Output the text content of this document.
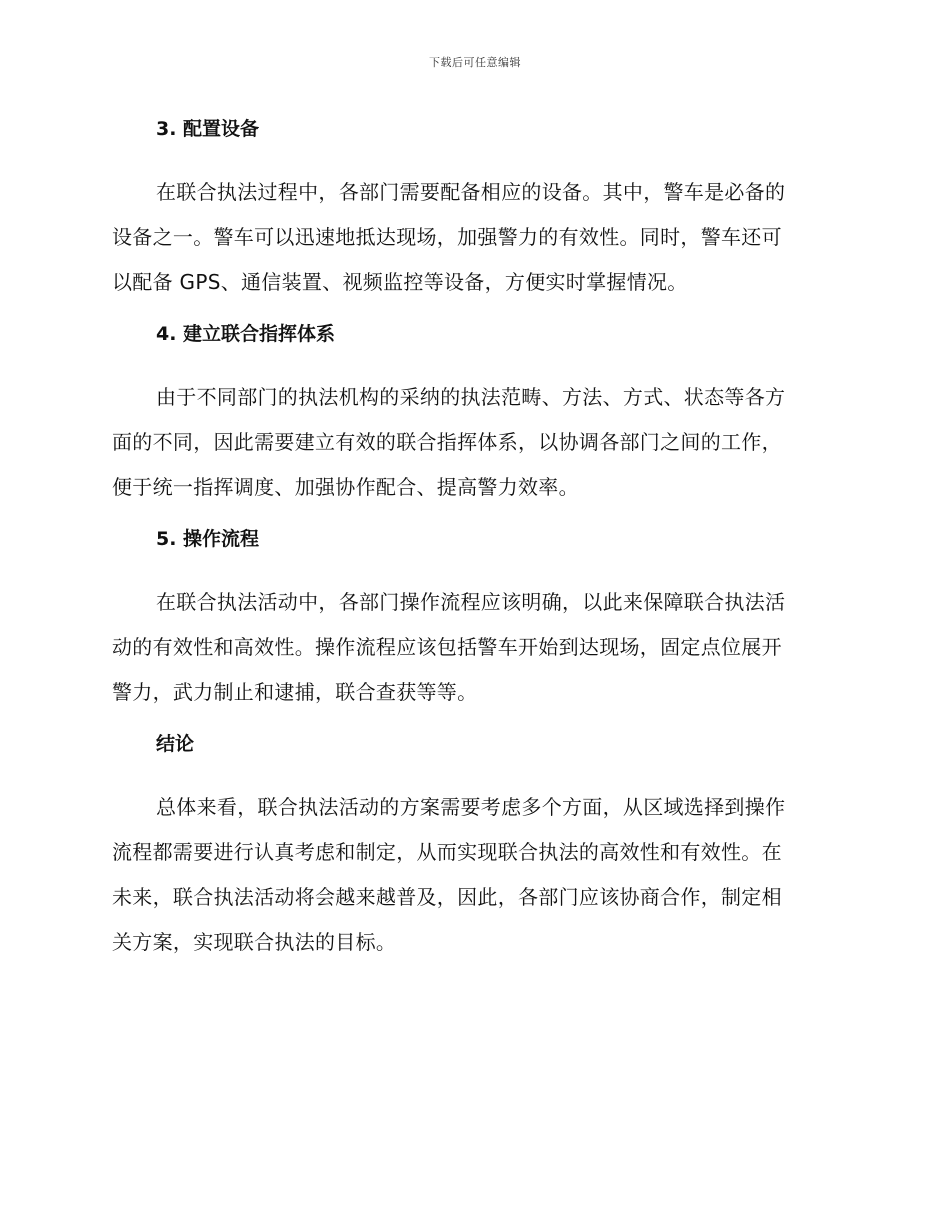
下载后可任意编辑
3. 配置设备

在联合执法过程中，各部门需要配备相应的设备。其中，警车是必备的
设备之一。警车可以迅速地抵达现场，加强警力的有效性。同时，警车还可
以配备 GPS、通信装置、视频监控等设备，方便实时掌握情况。

4. 建立联合指挥体系

由于不同部门的执法机构的采纳的执法范畴、方法、方式、状态等各方
面的不同，因此需要建立有效的联合指挥体系，以协调各部门之间的工作，
便于统一指挥调度、加强协作配合、提高警力效率。

5. 操作流程

在联合执法活动中，各部门操作流程应该明确，以此来保障联合执法活
动的有效性和高效性。操作流程应该包括警车开始到达现场，固定点位展开
警力，武力制止和逮捕，联合查获等等。

结论

总体来看，联合执法活动的方案需要考虑多个方面，从区域选择到操作
流程都需要进行认真考虑和制定，从而实现联合执法的高效性和有效性。在
未来，联合执法活动将会越来越普及，因此，各部门应该协商合作，制定相
关方案，实现联合执法的目标。
